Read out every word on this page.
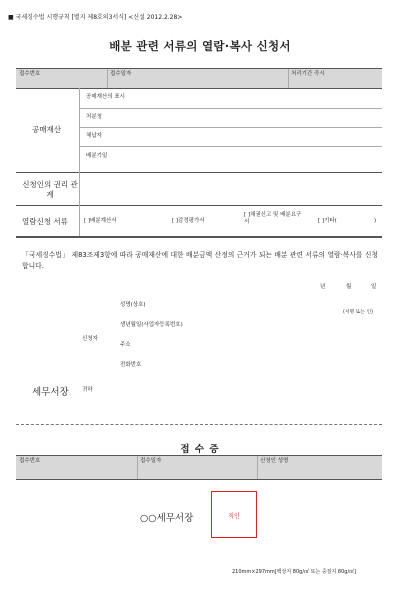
■ 국세징수법 시행규칙 [별지 제8호의3서식] <신설 2012.2.28>
배분 관련 서류의 열람·복사 신청서
접수번호	접수일자	처리기간 즉시
공매재산
공매재산의 표시
처분청
체납자
배분기일
신청인의 권리 관계
열람신청 서류	[ ]배분계산서	[ ]감정평가서
[ ]채권신고 및 배분요구서	[ ]기타(	)
「국세징수법」 제83조제3항에 따라 공매재산에 대한 배분금액 산정의 근거가 되는 배분 관련 서류의 열람·복사를 신청합니다.
년	월	일
성명(상호)
(서명 또는 인)
생년월일(사업자등록번호)
신청자
주소
전화번호
세무서장 귀하
접 수 증
접수번호	접수일자	신청인 성명
○○세무서장	직인
210mm×297mm[백상지 80g/㎡ 또는 중질지 80g/㎡]
